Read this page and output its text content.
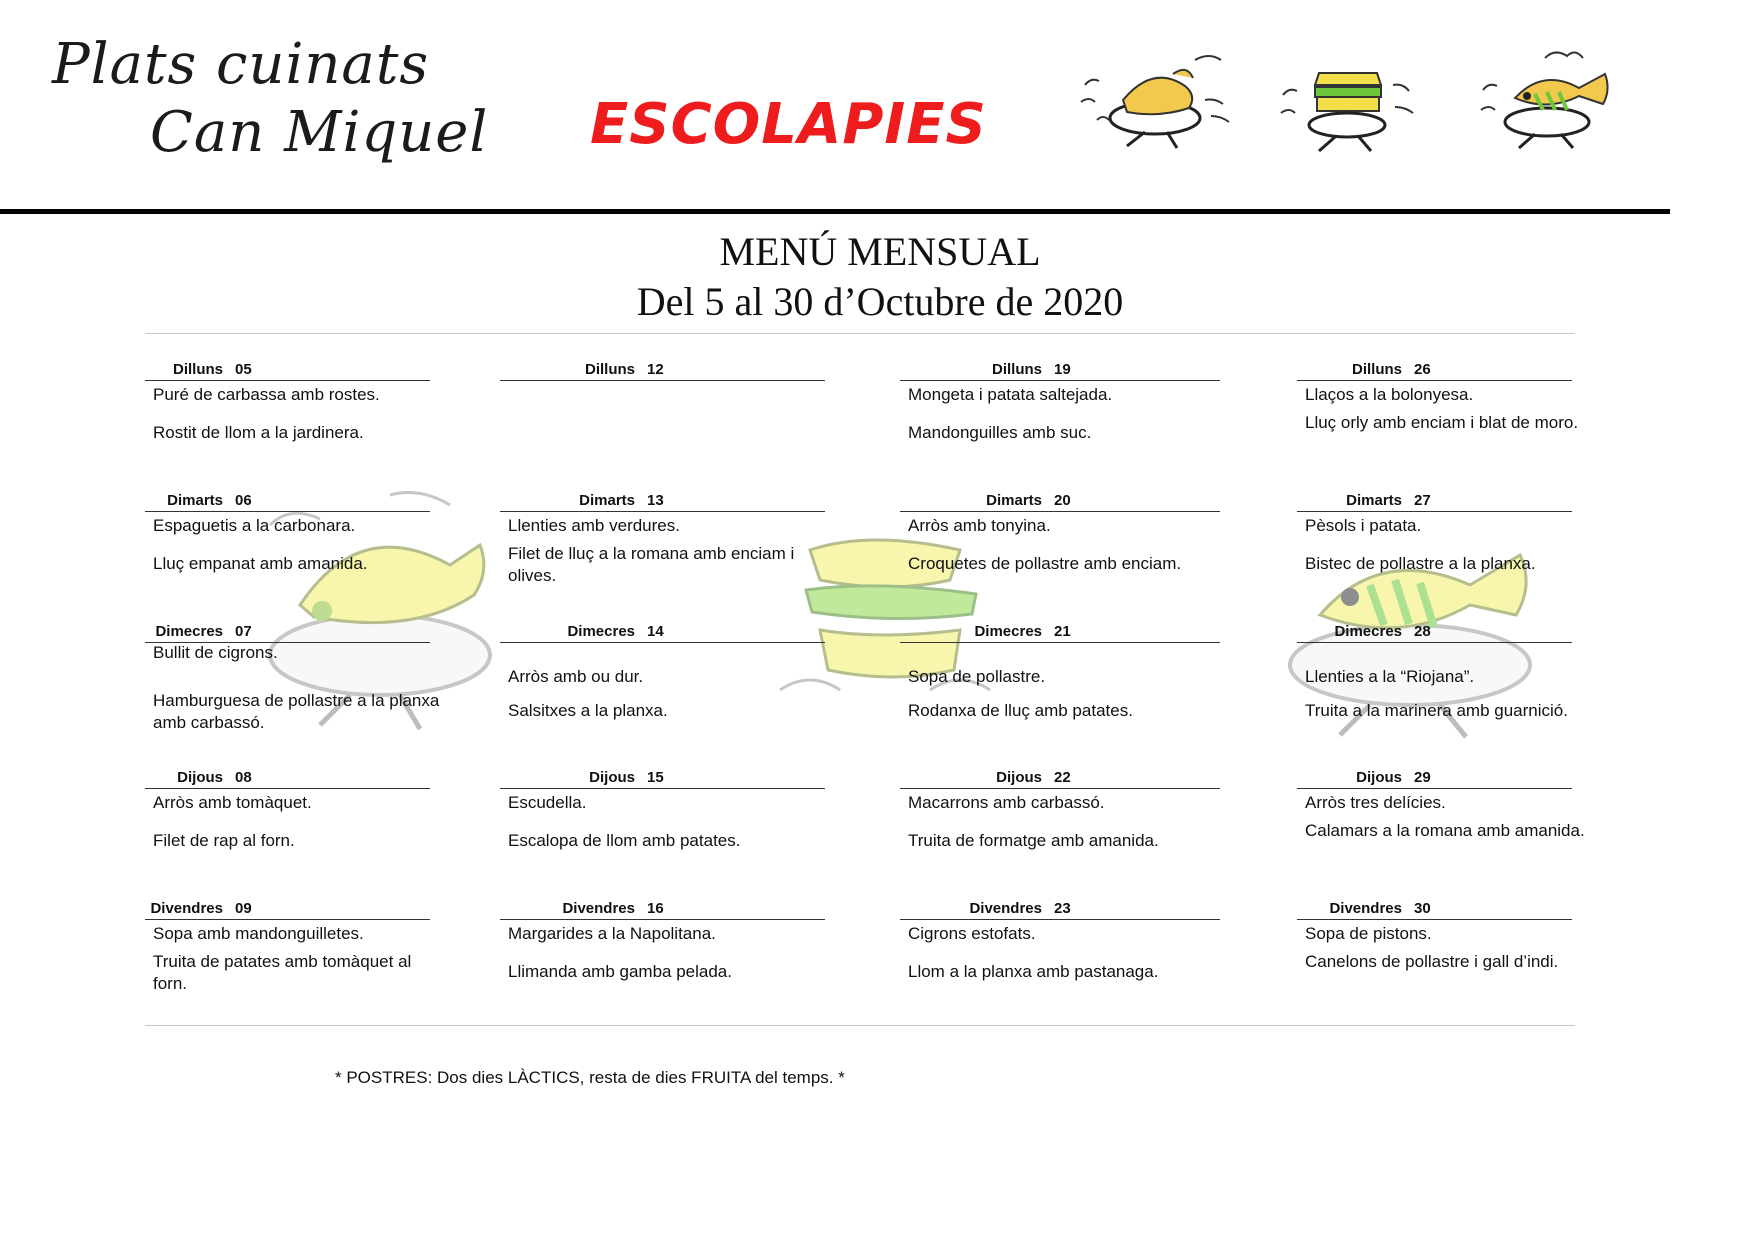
Plats cuinats
Can Miquel ESCOLAPIES
MENÚ MENSUAL
Del 5 al 30 d’Octubre de 2020
Dilluns 05
Puré de carbassa amb rostes.
Rostit de llom a la jardinera.
Dimarts 06
Espaguetis a la carbonara.
Lluç empanat amb amanida.
Dimecres 07
Bullit de cigrons.
Hamburguesa de pollastre a la planxa amb carbassó.
Dijous 08
Arròs amb tomàquet.
Filet de rap al forn.
Divendres 09
Sopa amb mandonguilletes.
Truita de patates amb tomàquet al forn.
Dilluns 12
Dimarts 13
Llenties amb verdures.
Filet de lluç a la romana amb enciam i olives.
Dimecres 14
Arròs amb ou dur.
Salsitxes a la planxa.
Dijous 15
Escudella.
Escalopa de llom amb patates.
Divendres 16
Margarides a la Napolitana.
Llimanda amb gamba pelada.
Dilluns 19
Mongeta i patata saltejada.
Mandonguilles amb suc.
Dimarts 20
Arròs amb tonyina.
Croquetes de pollastre amb enciam.
Dimecres 21
Sopa de pollastre.
Rodanxa de lluç amb patates.
Dijous 22
Macarrons amb carbassó.
Truita de formatge amb amanida.
Divendres 23
Cigrons estofats.
Llom a la planxa amb pastanaga.
Dilluns 26
Llaços a la bolonyesa.
Lluç orly amb enciam i blat de moro.
Dimarts 27
Pèsols i patata.
Bistec de pollastre a la planxa.
Dimecres 28
Llenties a la “Riojana”.
Truita a la marinera amb guarnició.
Dijous 29
Arròs tres delícies.
Calamars a la romana amb amanida.
Divendres 30
Sopa de pistons.
Canelons de pollastre i gall d’indi.
* POSTRES: Dos dies LÀCTICS, resta de dies FRUITA del temps. *
